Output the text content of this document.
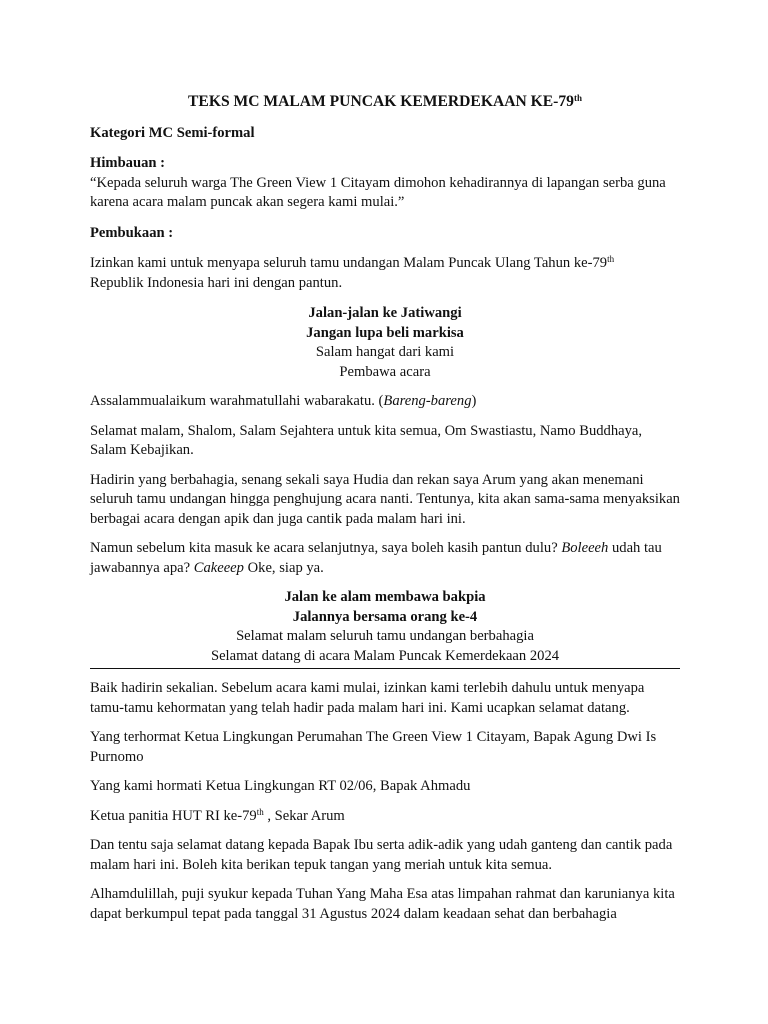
TEKS MC MALAM PUNCAK KEMERDEKAAN KE-79th

Kategori MC Semi-formal

Himbauan :

“Kepada seluruh warga The Green View 1 Citayam dimohon kehadirannya di lapangan serba guna karena acara malam puncak akan segera kami mulai.”

Pembukaan :

Izinkan kami untuk menyapa seluruh tamu undangan Malam Puncak Ulang Tahun ke-79th
Republik Indonesia hari ini dengan pantun.

Jalan-jalan ke Jatiwangi

Jangan lupa beli markisa

Salam hangat dari kami

Pembawa acara

Assalammualaikum warahmatullahi wabarakatu. (Bareng-bareng)

Selamat malam, Shalom, Salam Sejahtera untuk kita semua, Om Swastiastu, Namo Buddhaya, Salam Kebajikan.

Hadirin yang berbahagia, senang sekali saya Hudia dan rekan saya Arum yang akan menemani seluruh tamu undangan hingga penghujung acara nanti. Tentunya, kita akan sama-sama menyaksikan berbagai acara dengan apik dan juga cantik pada malam hari ini.

Namun sebelum kita masuk ke acara selanjutnya, saya boleh kasih pantun dulu? Boleeeh udah tau jawabannya apa? Cakeeep Oke, siap ya.

Jalan ke alam membawa bakpia

Jalannya bersama orang ke-4

Selamat malam seluruh tamu undangan berbahagia

Selamat datang di acara Malam Puncak Kemerdekaan 2024

Baik hadirin sekalian. Sebelum acara kami mulai, izinkan kami terlebih dahulu untuk menyapa tamu-tamu kehormatan yang telah hadir pada malam hari ini. Kami ucapkan selamat datang.

Yang terhormat Ketua Lingkungan Perumahan The Green View 1 Citayam, Bapak Agung Dwi Is Purnomo

Yang kami hormati Ketua Lingkungan RT 02/06, Bapak Ahmadu

Ketua panitia HUT RI ke-79th , Sekar Arum

Dan tentu saja selamat datang kepada Bapak Ibu serta adik-adik yang udah ganteng dan cantik pada malam hari ini. Boleh kita berikan tepuk tangan yang meriah untuk kita semua.

Alhamdulillah, puji syukur kepada Tuhan Yang Maha Esa atas limpahan rahmat dan karunianya kita dapat berkumpul tepat pada tanggal 31 Agustus 2024 dalam keadaan sehat dan berbahagia
